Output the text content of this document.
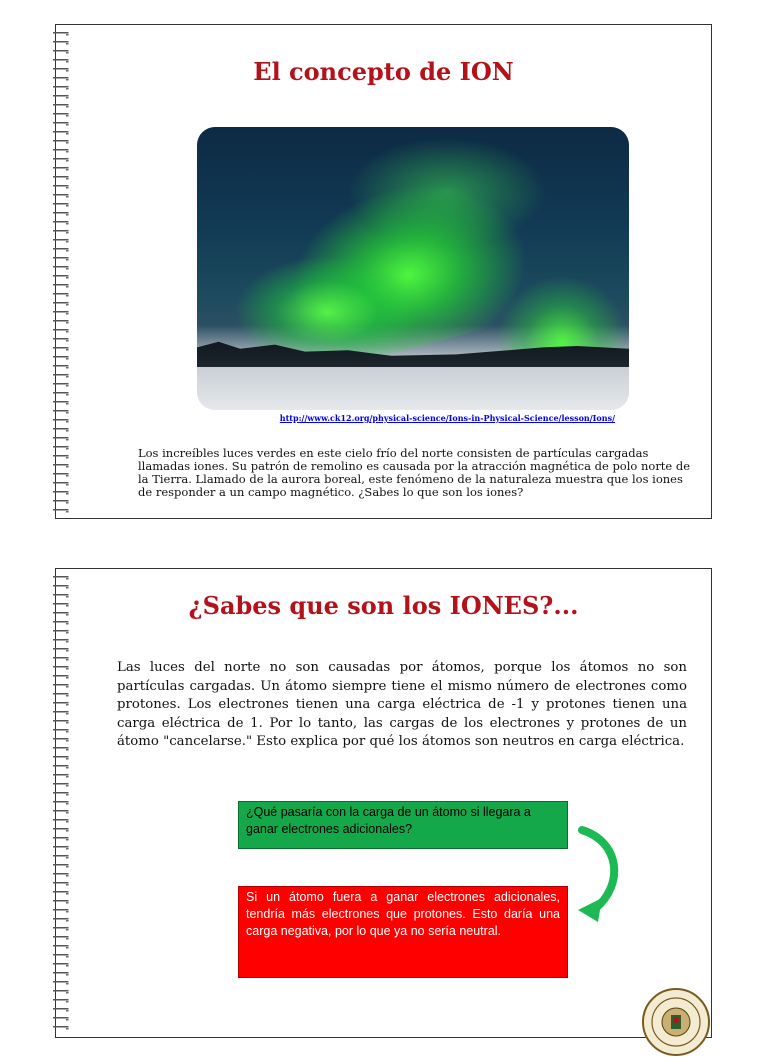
El concepto de ION
http://www.ck12.org/physical-science/Ions-in-Physical-Science/lesson/Ions/
Los increíbles luces verdes en este cielo frío del norte consisten de partículas cargadas llamadas iones. Su patrón de remolino es causada por la atracción magnética de polo norte de la Tierra. Llamado de la aurora boreal, este fenómeno de la naturaleza muestra que los iones de responder a un campo magnético. ¿Sabes lo que son los iones?
¿Sabes que son los IONES?...
Las luces del norte no son causadas por átomos, porque los átomos no son partículas cargadas. Un átomo siempre tiene el mismo número de electrones como protones. Los electrones tienen una carga eléctrica de -1 y protones tienen una carga eléctrica de 1. Por lo tanto, las cargas de los electrones y protones de un átomo "cancelarse." Esto explica por qué los átomos son neutros en carga eléctrica.
¿Qué pasaría con la carga de un átomo si llegara a ganar electrones adicionales?
Si un átomo fuera a ganar electrones adicionales, tendría más electrones que protones. Esto daría una carga negativa, por lo que ya no sería neutral.
